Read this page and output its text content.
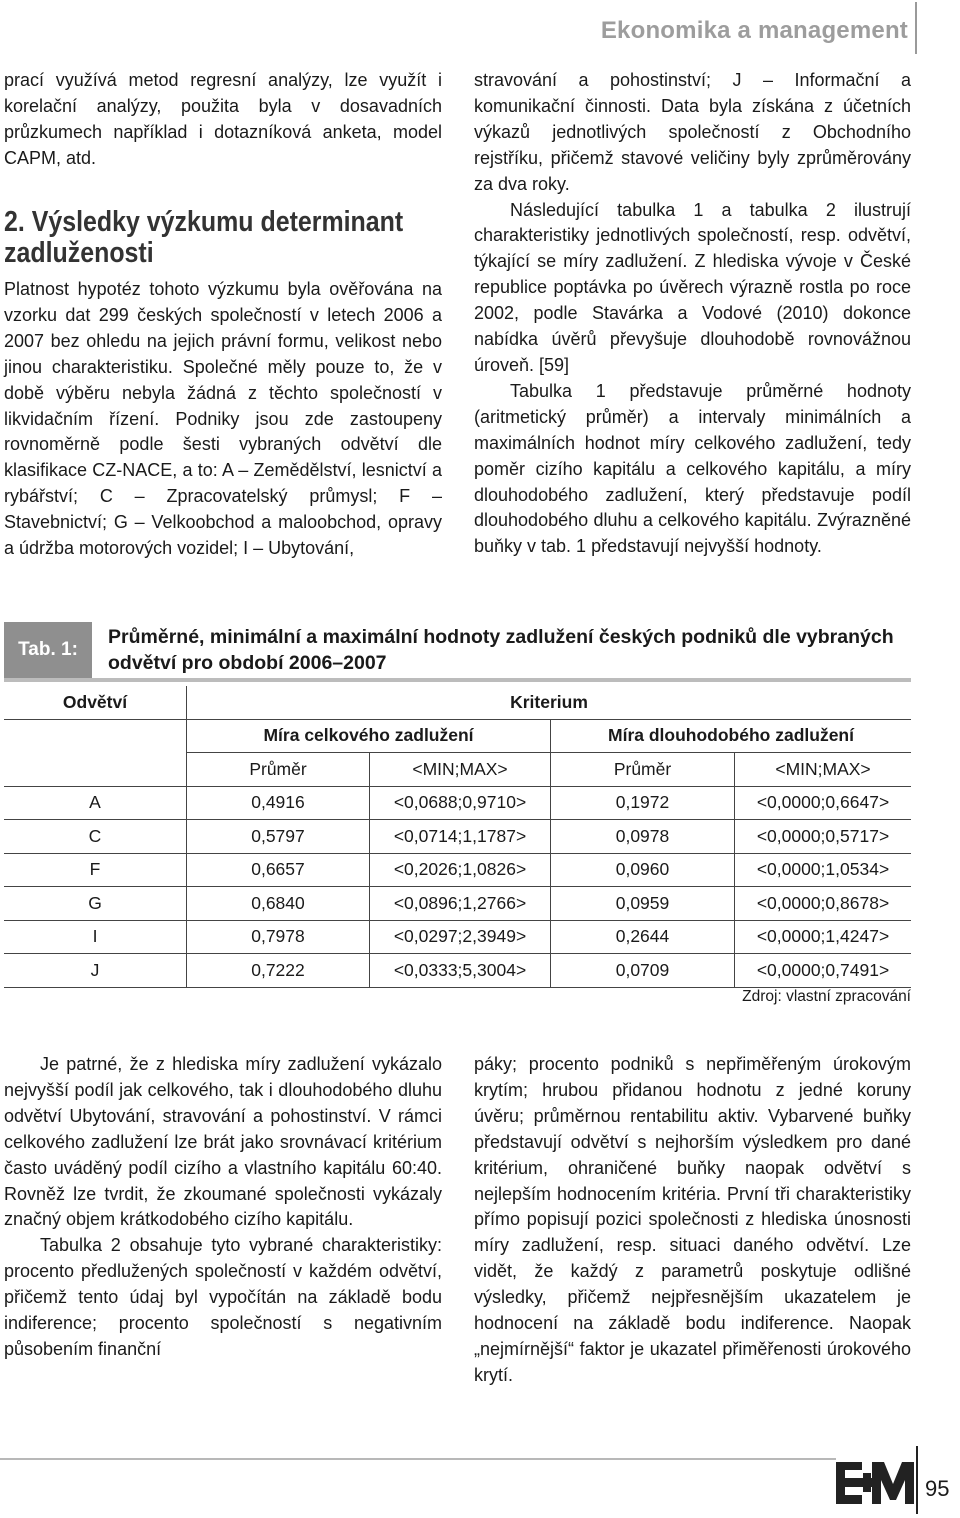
Ekonomika a management

prací využívá metod regresní analýzy, lze využít i korelační analýzy, použita byla v dosavadních průzkumech například i dotazníková anketa, model CAPM, atd.

2. Výsledky výzkumu determinant zadluženosti

Platnost hypotéz tohoto výzkumu byla ověřována na vzorku dat 299 českých společností v letech 2006 a 2007 bez ohledu na jejich právní formu, velikost nebo jinou charakteristiku. Společné měly pouze to, že v době výběru nebyla žádná z těchto společností v likvidačním řízení. Podniky jsou zde zastoupeny rovnoměrně podle šesti vybraných odvětví dle klasifikace CZ-NACE, a to: A – Zemědělství, lesnictví a rybářství; C – Zpracovatelský průmysl; F – Stavebnictví; G – Velkoobchod a maloobchod, opravy a údržba motorových vozidel; I – Ubytování,

stravování a pohostinství; J – Informační a komunikační činnosti. Data byla získána z účetních výkazů jednotlivých společností z Obchodního rejstříku, přičemž stavové veličiny byly zprůměrovány za dva roky.

Následující tabulka 1 a tabulka 2 ilustrují charakteristiky jednotlivých společností, resp. odvětví, týkající se míry zadlužení. Z hlediska vývoje v České republice poptávka po úvěrech výrazně rostla po roce 2002, podle Stavárka a Vodové (2010) dokonce nabídka úvěrů převyšuje dlouhodobě rovnovážnou úroveň. [59]

Tabulka 1 představuje průměrné hodnoty (aritmetický průměr) a intervaly minimálních a maximálních hodnot míry celkového zadlužení, tedy poměr cizího kapitálu a celkového kapitálu, a míry dlouhodobého zadlužení, který představuje podíl dlouhodobého dluhu a celkového kapitálu. Zvýrazněné buňky v tab. 1 představují nejvyšší hodnoty.

Tab. 1:
Průměrné, minimální a maximální hodnoty zadlužení českých podniků dle vybraných odvětví pro období 2006–2007
Odvětví	Kriterium			
	Míra celkového zadlužení		Míra dlouhodobého zadlužení	
	Průměr	<MIN;MAX>	Průměr	<MIN;MAX>
A	0,4916	<0,0688;0,9710>	0,1972	<0,0000;0,6647>
C	0,5797	<0,0714;1,1787>	0,0978	<0,0000;0,5717>
F	0,6657	<0,2026;1,0826>	0,0960	<0,0000;1,0534>
G	0,6840	<0,0896;1,2766>	0,0959	<0,0000;0,8678>
I	0,7978	<0,0297;2,3949>	0,2644	<0,0000;1,4247>
J	0,7222	<0,0333;5,3004>	0,0709	<0,0000;0,7491>
Zdroj: vlastní zpracování

Je patrné, že z hlediska míry zadlužení vykázalo nejvyšší podíl jak celkového, tak i dlouhodobého dluhu odvětví Ubytování, stravování a pohostinství. V rámci celkového zadlužení lze brát jako srovnávací kritérium často uváděný podíl cizího a vlastního kapitálu 60:40. Rovněž lze tvrdit, že zkoumané společnosti vykázaly značný objem krátkodobého cizího kapitálu.

Tabulka 2 obsahuje tyto vybrané charakteristiky: procento předlužených společností v každém odvětví, přičemž tento údaj byl vypočítán na základě bodu indiference; procento společností s negativním působením finanční

páky; procento podniků s nepřiměřeným úrokovým krytím; hrubou přidanou hodnotu z jedné koruny úvěru; průměrnou rentabilitu aktiv. Vybarvené buňky představují odvětví s nejhorším výsledkem pro dané kritérium, ohraničené buňky naopak odvětví s nejlepším hodnocením kritéria. První tři charakteristiky přímo popisují pozici společnosti z hlediska únosnosti míry zadlužení, resp. situaci daného odvětví. Lze vidět, že každý z parametrů poskytuje odlišné výsledky, přičemž nejpřesnějším ukazatelem je hodnocení na základě bodu indiference. Naopak „nejmírnější“ faktor je ukazatel přiměřenosti úrokového krytí.

95
